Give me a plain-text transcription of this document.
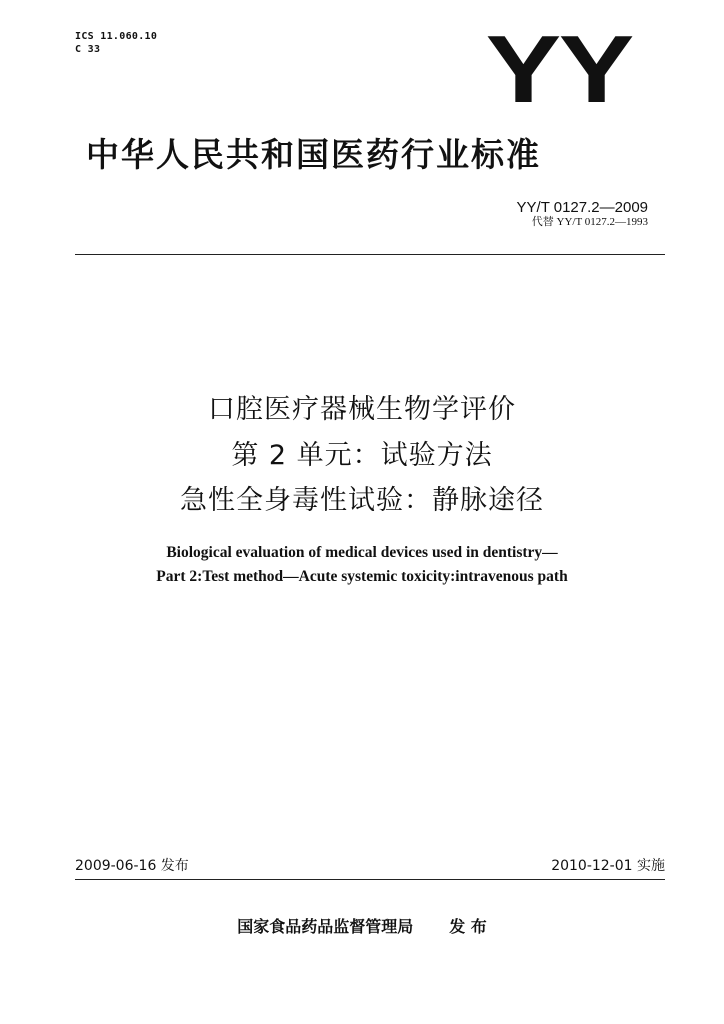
ICS 11.060.10
C 33	YY
中华人民共和国医药行业标准
YY/T 0127.2—2009
代替 YY/T 0127.2—1993
口腔医疗器械生物学评价
第 2 单元：试验方法
急性全身毒性试验：静脉途径
Biological evaluation of medical devices used in dentistry—
Part 2:Test method—Acute systemic toxicity:intravenous path
2009-06-16 发布	2010-12-01 实施
国家食品药品监督管理局 发 布
